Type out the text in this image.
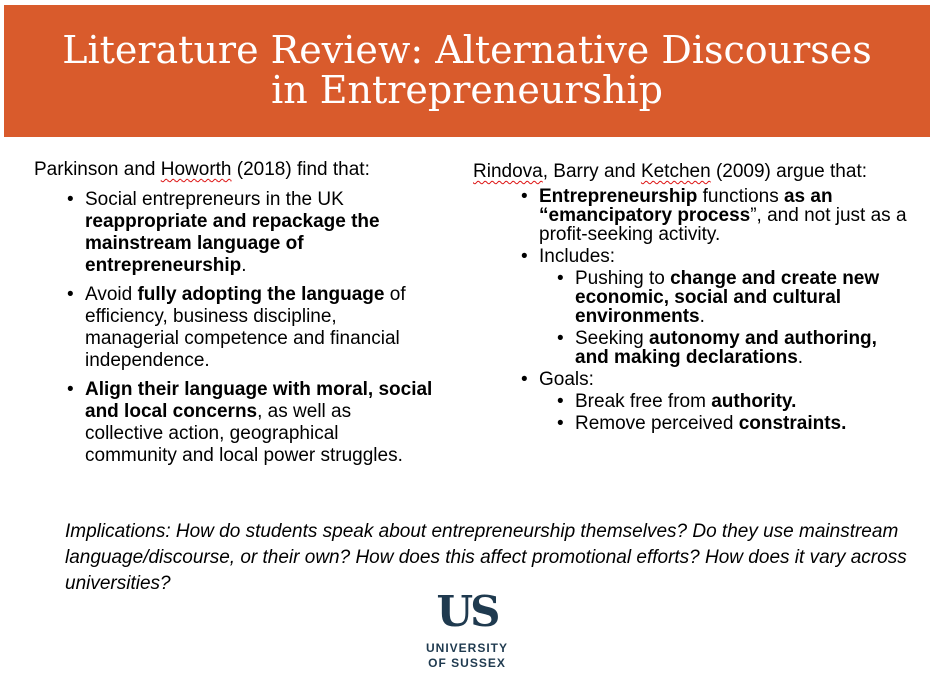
Literature Review: Alternative Discourses
in Entrepreneurship

Parkinson and Howorth (2018) find that:

• Social entrepreneurs in the UK reappropriate and repackage the mainstream language of entrepreneurship.
• Avoid fully adopting the language of efficiency, business discipline, managerial competence and financial independence.
• Align their language with moral, social and local concerns, as well as collective action, geographical community and local power struggles.

Rindova, Barry and Ketchen (2009) argue that:

• Entrepreneurship functions as an “emancipatory process”, and not just as a profit-seeking activity.
• Includes:
• Pushing to change and create new economic, social and cultural environments.
• Seeking autonomy and authoring, and making declarations.
• Goals:
• Break free from authority.
• Remove perceived constraints.

Implications: How do students speak about entrepreneurship themselves? Do they use mainstream language/discourse, or their own? How does this affect promotional efforts? How does it vary across universities?

US
UNIVERSITY
OF SUSSEX
